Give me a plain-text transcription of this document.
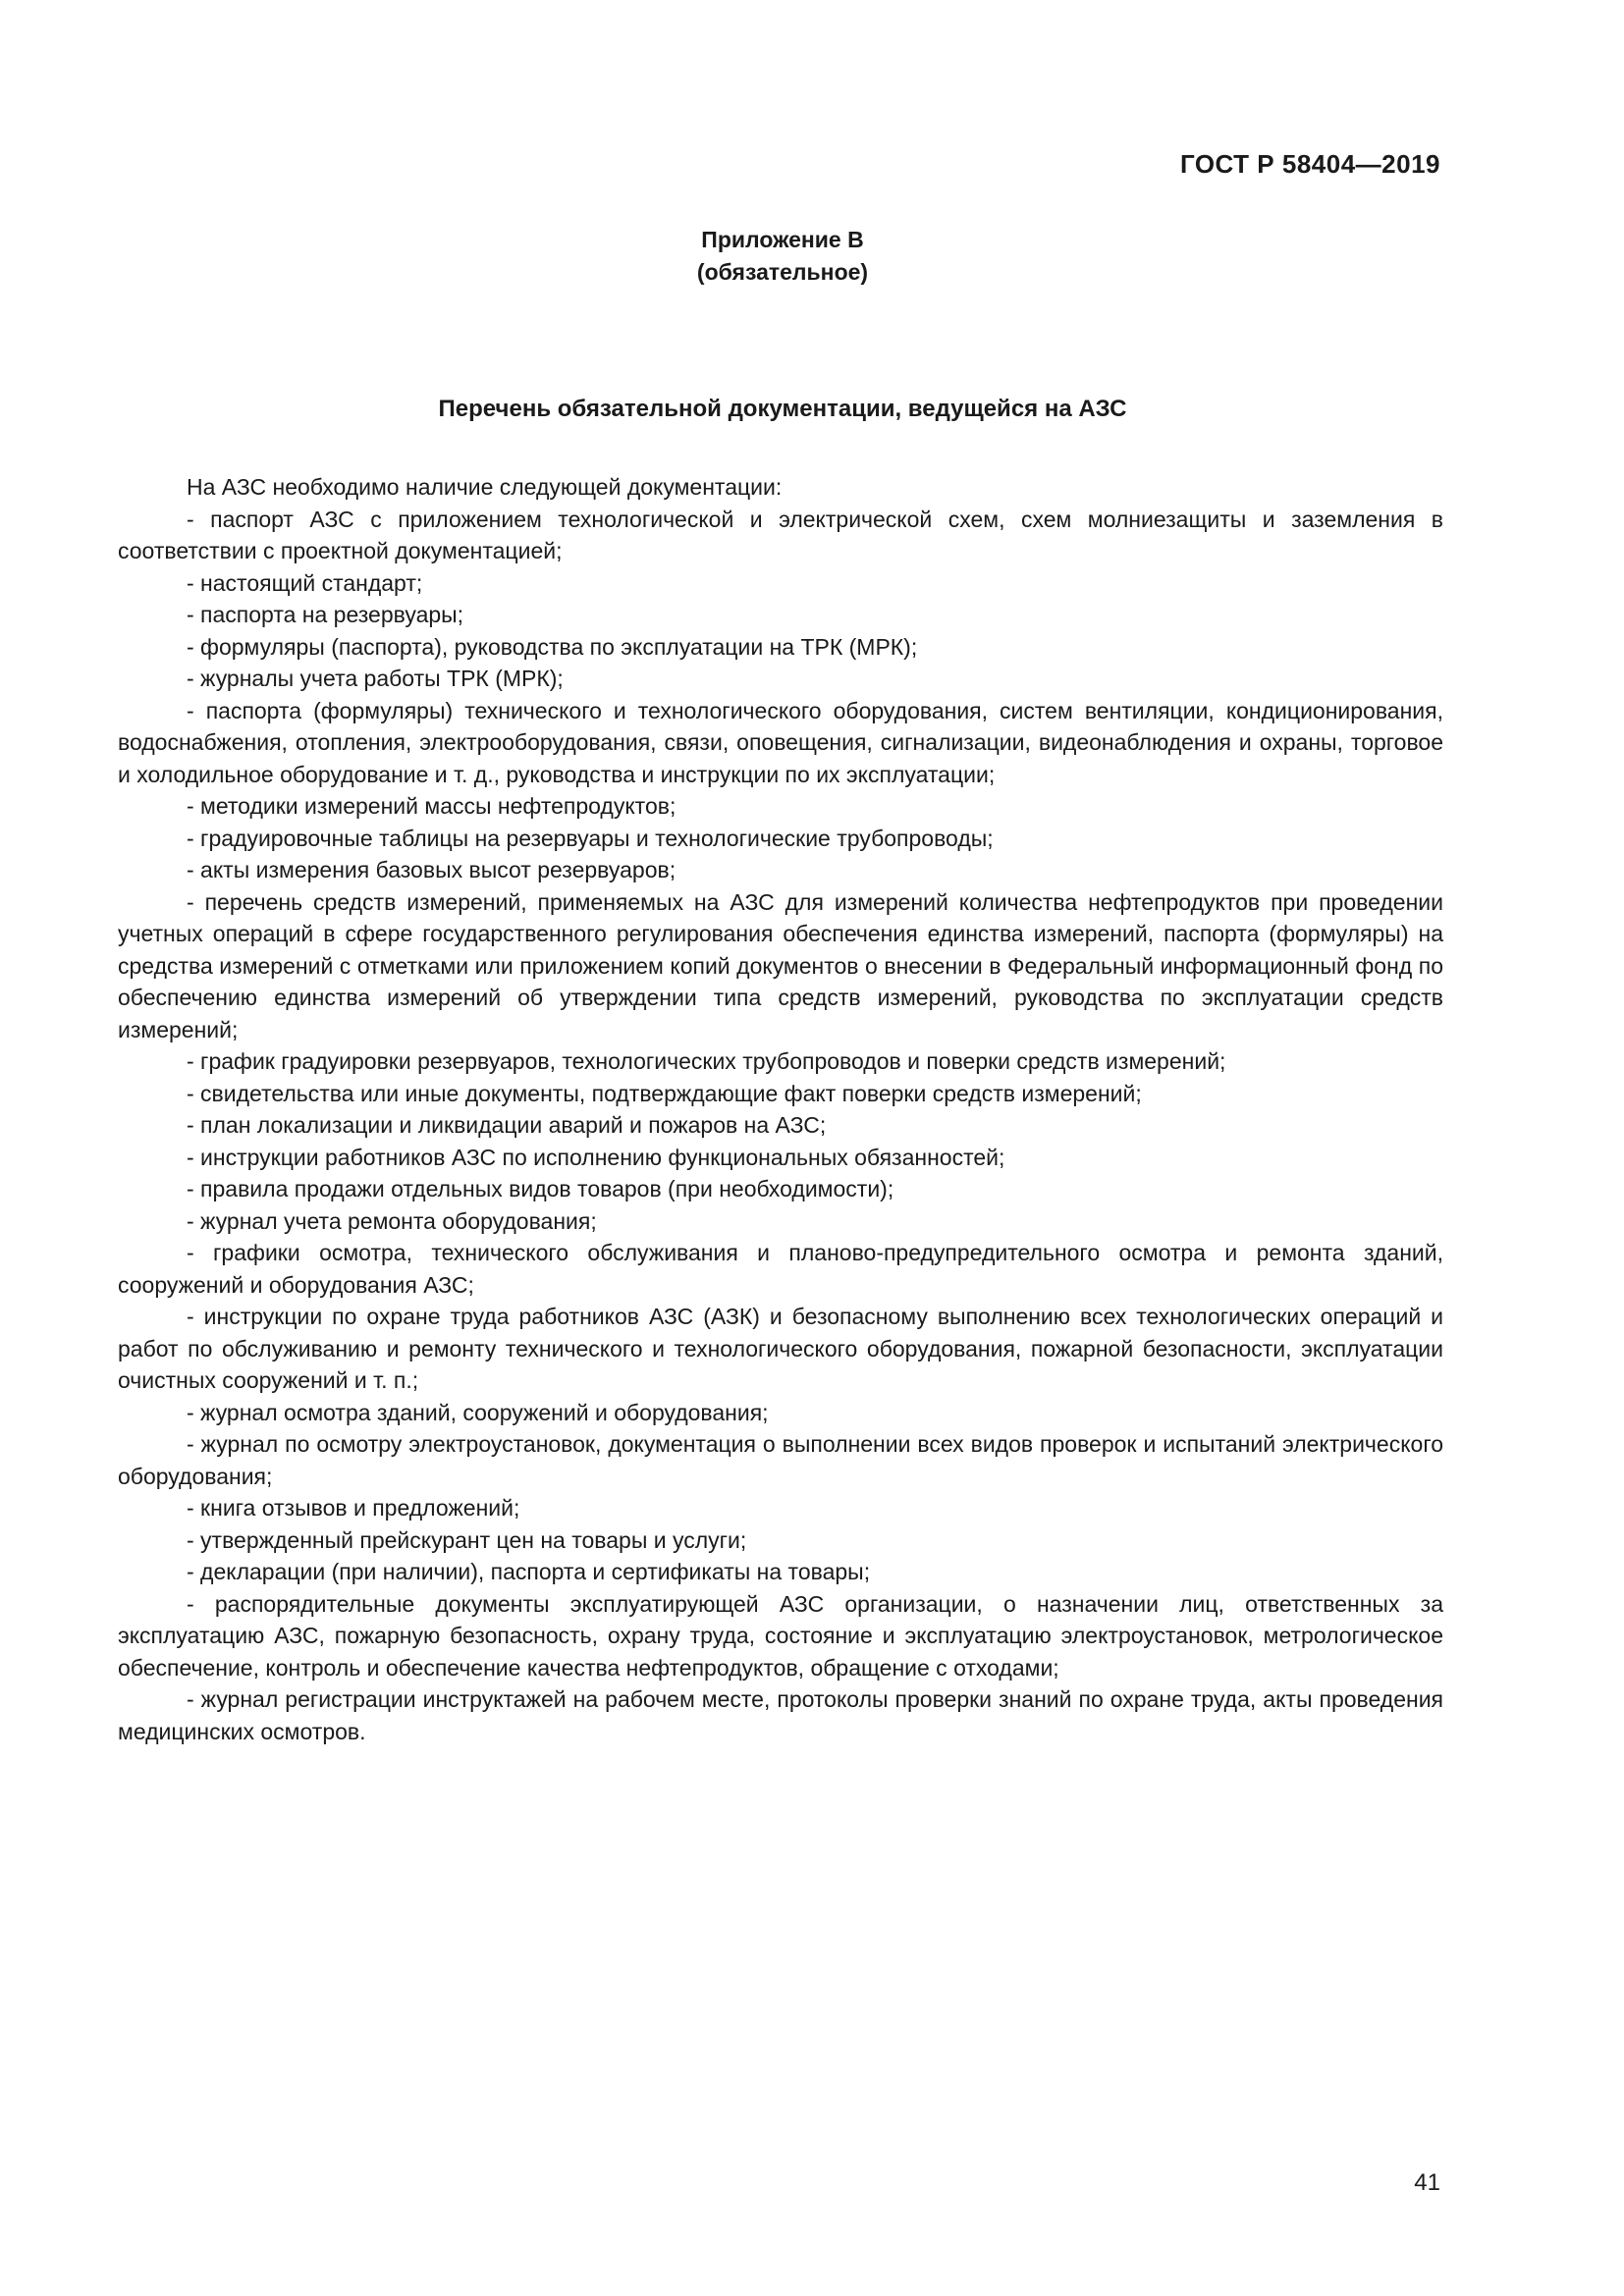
ГОСТ Р 58404—2019
Приложение В
(обязательное)
Перечень обязательной документации, ведущейся на АЗС

На АЗС необходимо наличие следующей документации:

- паспорт АЗС с приложением технологической и электрической схем, схем молниезащиты и заземления в соответствии с проектной документацией;

- настоящий стандарт;

- паспорта на резервуары;

- формуляры (паспорта), руководства по эксплуатации на ТРК (МРК);

- журналы учета работы ТРК (МРК);

- паспорта (формуляры) технического и технологического оборудования, систем вентиляции, кондиционирования, водоснабжения, отопления, электрооборудования, связи, оповещения, сигнализации, видеонаблюдения и охраны, торговое и холодильное оборудование и т. д., руководства и инструкции по их эксплуатации;

- методики измерений массы нефтепродуктов;

- градуировочные таблицы на резервуары и технологические трубопроводы;

- акты измерения базовых высот резервуаров;

- перечень средств измерений, применяемых на АЗС для измерений количества нефтепродуктов при проведении учетных операций в сфере государственного регулирования обеспечения единства измерений, паспорта (формуляры) на средства измерений с отметками или приложением копий документов о внесении в Федеральный информационный фонд по обеспечению единства измерений об утверждении типа средств измерений, руководства по эксплуатации средств измерений;

- график градуировки резервуаров, технологических трубопроводов и поверки средств измерений;

- свидетельства или иные документы, подтверждающие факт поверки средств измерений;

- план локализации и ликвидации аварий и пожаров на АЗС;

- инструкции работников АЗС по исполнению функциональных обязанностей;

- правила продажи отдельных видов товаров (при необходимости);

- журнал учета ремонта оборудования;

- графики осмотра, технического обслуживания и планово-предупредительного осмотра и ремонта зданий, сооружений и оборудования АЗС;

- инструкции по охране труда работников АЗС (АЗК) и безопасному выполнению всех технологических операций и работ по обслуживанию и ремонту технического и технологического оборудования, пожарной безопасности, эксплуатации очистных сооружений и т. п.;

- журнал осмотра зданий, сооружений и оборудования;

- журнал по осмотру электроустановок, документация о выполнении всех видов проверок и испытаний электрического оборудования;

- книга отзывов и предложений;

- утвержденный прейскурант цен на товары и услуги;

- декларации (при наличии), паспорта и сертификаты на товары;

- распорядительные документы эксплуатирующей АЗС организации, о назначении лиц, ответственных за эксплуатацию АЗС, пожарную безопасность, охрану труда, состояние и эксплуатацию электроустановок, метрологическое обеспечение, контроль и обеспечение качества нефтепродуктов, обращение с отходами;

- журнал регистрации инструктажей на рабочем месте, протоколы проверки знаний по охране труда, акты проведения медицинских осмотров.

41
